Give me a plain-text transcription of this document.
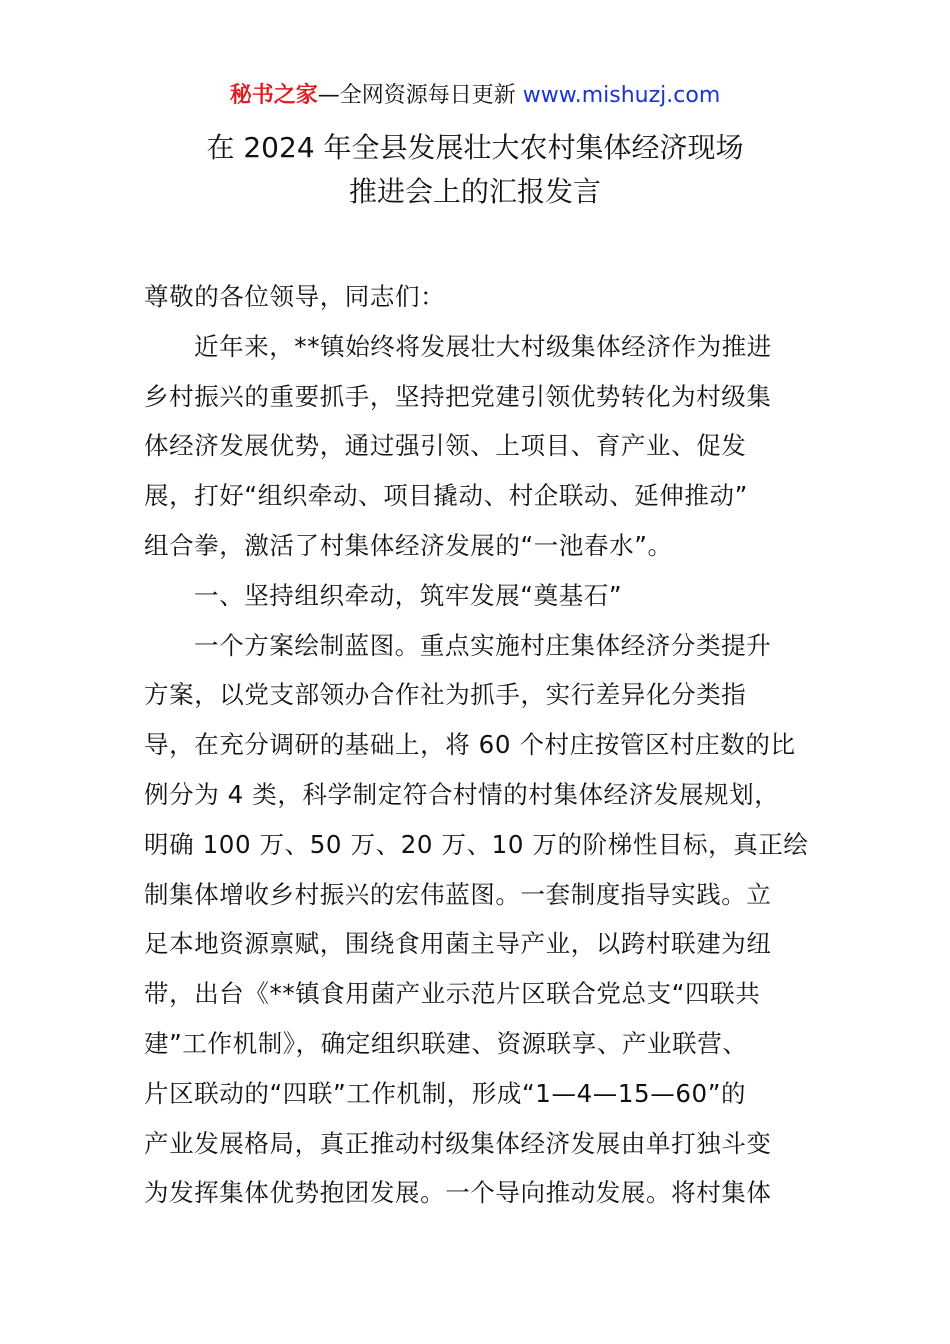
秘书之家—全网资源每日更新 www.mishuzj.com
在 2024 年全县发展壮大农村集体经济现场
推进会上的汇报发言
尊敬的各位领导，同志们：
近年来，**镇始终将发展壮大村级集体经济作为推进
乡村振兴的重要抓手，坚持把党建引领优势转化为村级集
体经济发展优势，通过强引领、上项目、育产业、促发
展，打好“组织牵动、项目撬动、村企联动、延伸推动”
组合拳，激活了村集体经济发展的“一池春水”。
一、坚持组织牵动，筑牢发展“奠基石”
一个方案绘制蓝图。重点实施村庄集体经济分类提升
方案，以党支部领办合作社为抓手，实行差异化分类指
导，在充分调研的基础上，将 60 个村庄按管区村庄数的比
例分为 4 类，科学制定符合村情的村集体经济发展规划，
明确 100 万、50 万、20 万、10 万的阶梯性目标，真正绘
制集体增收乡村振兴的宏伟蓝图。一套制度指导实践。立
足本地资源禀赋，围绕食用菌主导产业，以跨村联建为纽
带，出台《**镇食用菌产业示范片区联合党总支“四联共
建”工作机制》，确定组织联建、资源联享、产业联营、
片区联动的“四联”工作机制，形成“1—4—15—60”的
产业发展格局，真正推动村级集体经济发展由单打独斗变
为发挥集体优势抱团发展。一个导向推动发展。将村集体
